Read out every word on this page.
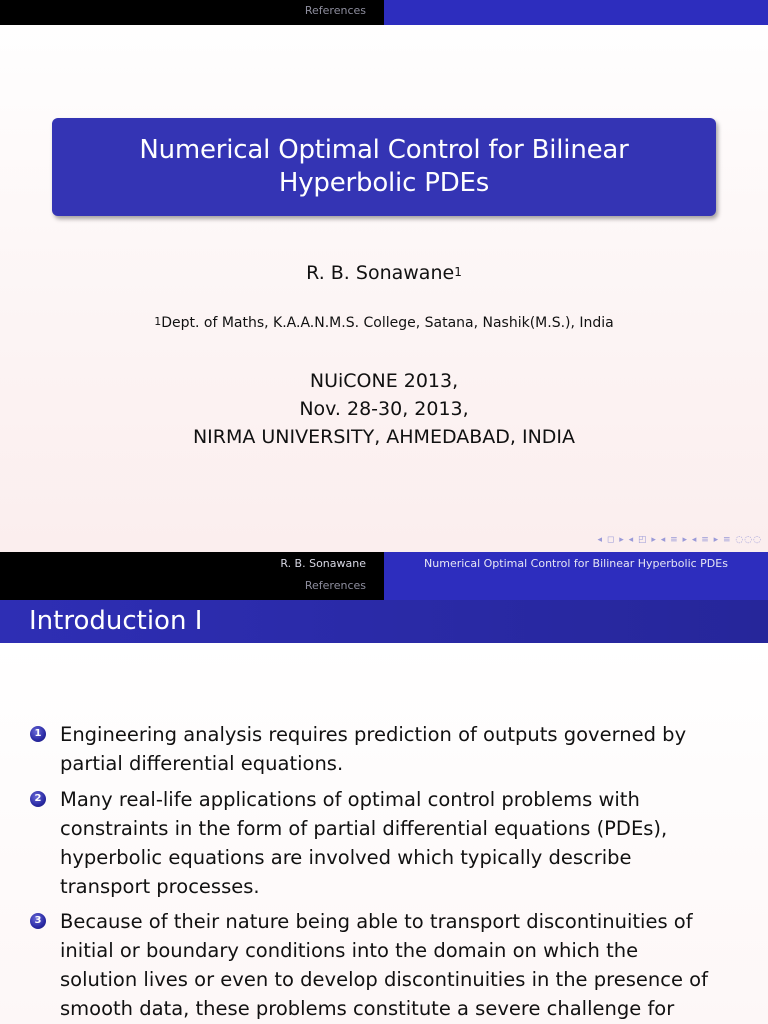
References
Numerical Optimal Control for Bilinear Hyperbolic PDEs
R. B. Sonawane$^1$
$^1$Dept. of Maths, K.A.A.N.M.S. College, Satana, Nashik(M.S.), India
NUiCONE 2013,
Nov. 28-30, 2013,
NIRMA UNIVERSITY, AHMEDABAD, INDIA
◂ ◻ ▸ ◂ ◰ ▸ ◂ ≡ ▸ ◂ ≡ ▸ ≡ ◌◌◌
R. B. Sonawane
References
Numerical Optimal Control for Bilinear Hyperbolic PDEs
Introduction I
1 Engineering analysis requires prediction of outputs governed by
partial differential equations.
2 Many real-life applications of optimal control problems with
constraints in the form of partial differential equations (PDEs),
hyperbolic equations are involved which typically describe
transport processes.
3 Because of their nature being able to transport discontinuities of
initial or boundary conditions into the domain on which the
solution lives or even to develop discontinuities in the presence of
smooth data, these problems constitute a severe challenge for
